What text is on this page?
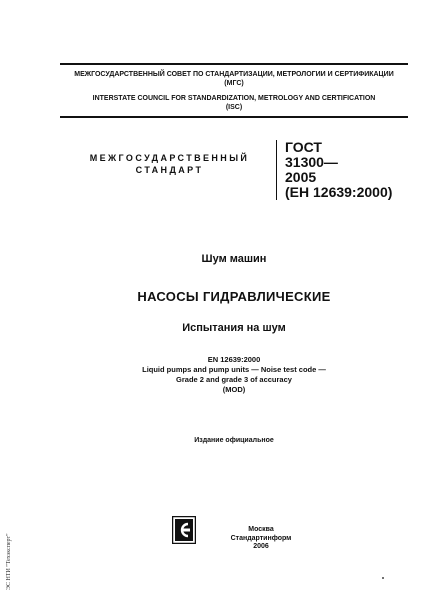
МЕЖГОСУДАРСТВЕННЫЙ СОВЕТ ПО СТАНДАРТИЗАЦИИ, МЕТРОЛОГИИ И СЕРТИФИКАЦИИ
(МГС)
INTERSTATE COUNCIL FOR STANDARDIZATION, METROLOGY AND CERTIFICATION
(ISC)
МЕЖГОСУДАРСТВЕННЫЙ
СТАНДАРТ
ГОСТ
31300—
2005
(ЕН 12639:2000)
Шум машин
НАСОСЫ ГИДРАВЛИЧЕСКИЕ
Испытания на шум
EN 12639:2000
Liquid pumps and pump units — Noise test code —
Grade 2 and grade 3 of accuracy
(MOD)
Издание официальное
Москва
Стандартинформ
2006
ЭС НТИ "Техэксперт"
